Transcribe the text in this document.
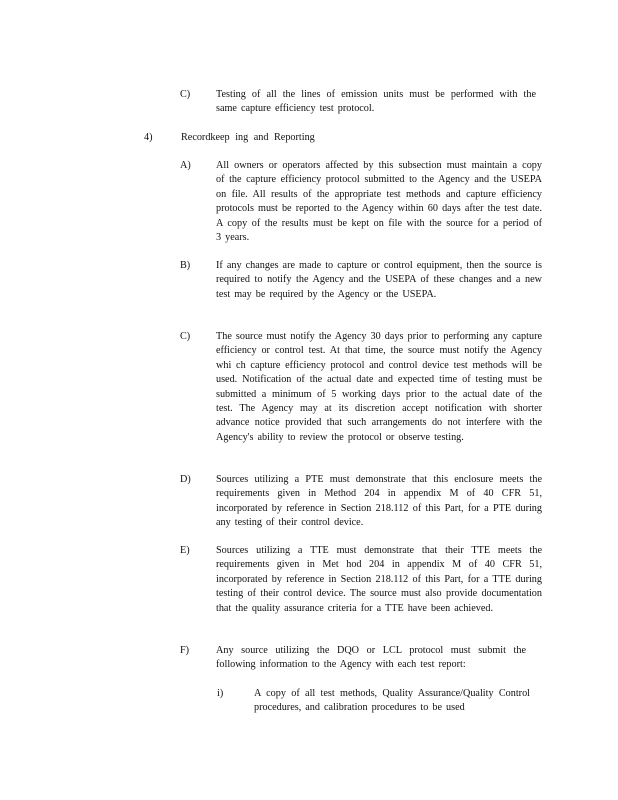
C)	Testing of all the lines of emission units must be performed with the same capture efficiency test protocol.
4)	Recordkeep ing and Reporting
A) All owners or operators affected by this subsection must maintain a copy of the capture efficiency protocol submitted to the Agency and the USEPA on file. All results of the appropriate test methods and capture efficiency protocols must be reported to the Agency within 60 days after the test date. A copy of the results must be kept on file with the source for a period of 3 years.
B)	If any changes are made to capture or control equipment, then the source is required to notify the Agency and the USEPA of these changes and a new test may be required by the Agency or the USEPA.
C)	The source must notify the Agency 30 days prior to performing any capture efficiency or control test. At that time, the source must notify the Agency whi ch capture efficiency protocol and control device test methods will be used. Notification of the actual date and expected time of testing must be submitted a minimum of 5 working days prior to the actual date of the test. The Agency may at its discretion accept notification with shorter advance notice provided that such arrangements do not interfere with the Agency's ability to review the protocol or observe testing.
D) Sources utilizing a PTE must demonstrate that this enclosure meets the requirements given in Method 204 in appendix M of 40 CFR 51, incorporated by reference in Section 218.112 of this Part, for a PTE during any testing of their control device.
E)	Sources utilizing a TTE must demonstrate that their TTE meets the requirements given in Met hod 204 in appendix M of 40 CFR 51, incorporated by reference in Section 218.112 of this Part, for a TTE during testing of their control device. The source must also provide documentation that the quality assurance criteria for a TTE have been achieved.
F)	Any source utilizing the DQO or LCL protocol must submit the following information to the Agency with each test report:
i)	A copy of all test methods, Quality Assurance/Quality Control procedures, and calibration procedures to be used
